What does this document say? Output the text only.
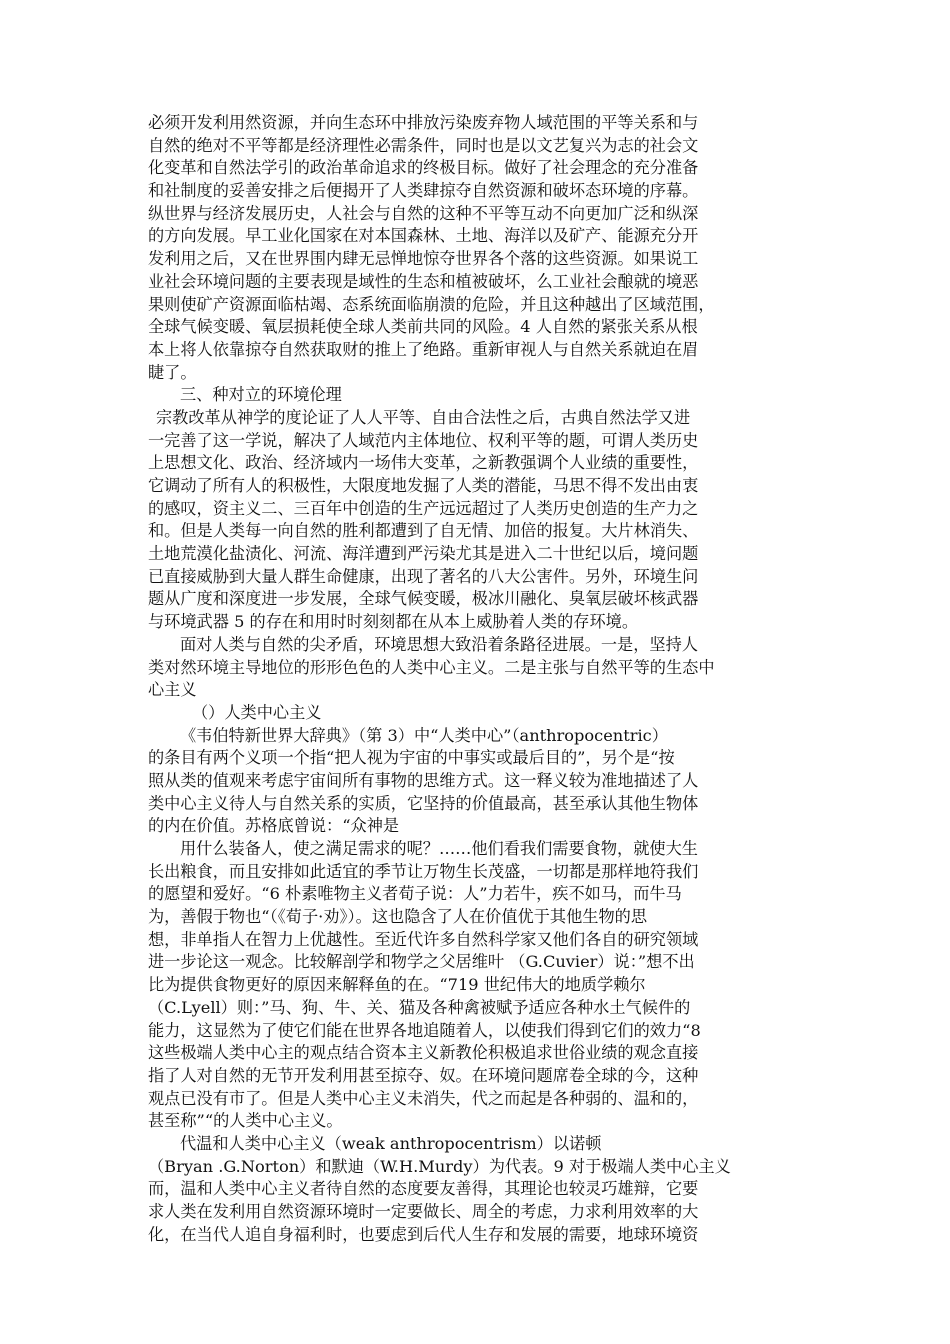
必须开发利用然资源，并向生态环中排放污染废弃物人域范围的平等关系和与
自然的绝对不平等都是经济理性必需条件，同时也是以文艺复兴为志的社会文
化变革和自然法学引的政治革命追求的终极目标。做好了社会理念的充分准备
和社制度的妥善安排之后便揭开了人类肆掠夺自然资源和破坏态环境的序幕。
纵世界与经济发展历史，人社会与自然的这种不平等互动不向更加广泛和纵深
的方向发展。早工业化国家在对本国森林、土地、海洋以及矿产、能源充分开
发利用之后，又在世界围内肆无忌惮地惊夺世界各个落的这些资源。如果说工
业社会环境问题的主要表现是域性的生态和植被破坏，么工业社会酿就的境恶
果则使矿产资源面临枯竭、态系统面临崩溃的危险，并且这种越出了区域范围，
全球气候变暖、氧层损耗使全球人类前共同的风险。4 人自然的紧张关系从根
本上将人依靠掠夺自然获取财的推上了绝路。重新审视人与自然关系就迫在眉
睫了。
三、种对立的环境伦理
宗教改革从神学的度论证了人人平等、自由合法性之后，古典自然法学又进
一完善了这一学说，解决了人域范内主体地位、权利平等的题，可谓人类历史
上思想文化、政治、经济域内一场伟大变革，之新教强调个人业绩的重要性，
它调动了所有人的积极性，大限度地发掘了人类的潜能，马思不得不发出由衷
的感叹，资主义二、三百年中创造的生产远远超过了人类历史创造的生产力之
和。但是人类每一向自然的胜利都遭到了自无情、加倍的报复。大片林消失、
土地荒漠化盐渍化、河流、海洋遭到严污染尤其是进入二十世纪以后，境问题
已直接威胁到大量人群生命健康，出现了著名的八大公害件。另外，环境生问
题从广度和深度进一步发展，全球气候变暖，极冰川融化、臭氧层破坏核武器
与环境武器 5 的存在和用时时刻刻都在从本上威胁着人类的存环境。
面对人类与自然的尖矛盾，环境思想大致沿着条路径进展。一是，坚持人
类对然环境主导地位的形形色色的人类中心主义。二是主张与自然平等的生态中
心主义
（）人类中心主义
《韦伯特新世界大辞典》（第 3）中“人类中心”（anthropocentric）
的条目有两个义项一个指“把人视为宇宙的中事实或最后目的”，另个是“按
照从类的值观来考虑宇宙间所有事物的思维方式。这一释义较为准地描述了人
类中心主义待人与自然关系的实质，它坚持的价值最高，甚至承认其他生物体
的内在价值。苏格底曾说：“众神是
用什么装备人，使之满足需求的呢？……他们看我们需要食物，就使大生
长出粮食，而且安排如此适宜的季节让万物生长茂盛，一切都是那样地符我们
的愿望和爱好。“6 朴素唯物主义者荀子说：人”力若牛，疾不如马，而牛马
为，善假于物也“（《荀子·劝》）。这也隐含了人在价值优于其他生物的思
想，非单指人在智力上优越性。至近代许多自然科学家又他们各自的研究领域
进一步论这一观念。比较解剖学和物学之父居维叶 （G.Cuvier）说：”想不出
比为提供食物更好的原因来解释鱼的在。“719 世纪伟大的地质学赖尔
（C.Lyell）则：”马、狗、牛、关、猫及各种禽被赋予适应各种水土气候件的
能力，这显然为了使它们能在世界各地追随着人，以使我们得到它们的效力“8
这些极端人类中心主的观点结合资本主义新教伦积极追求世俗业绩的观念直接
指了人对自然的无节开发利用甚至掠夺、奴。在环境问题席卷全球的今，这种
观点已没有市了。但是人类中心主义未消失，代之而起是各种弱的、温和的，
甚至称”“的人类中心主义。
代温和人类中心主义（weak anthropocentrism）以诺顿
（Bryan .G.Norton）和默迪（W.H.Murdy）为代表。9 对于极端人类中心主义
而，温和人类中心主义者待自然的态度要友善得，其理论也较灵巧雄辩，它要
求人类在发利用自然资源环境时一定要做长、周全的考虑，力求利用效率的大
化，在当代人追自身福利时，也要虑到后代人生存和发展的需要，地球环境资
